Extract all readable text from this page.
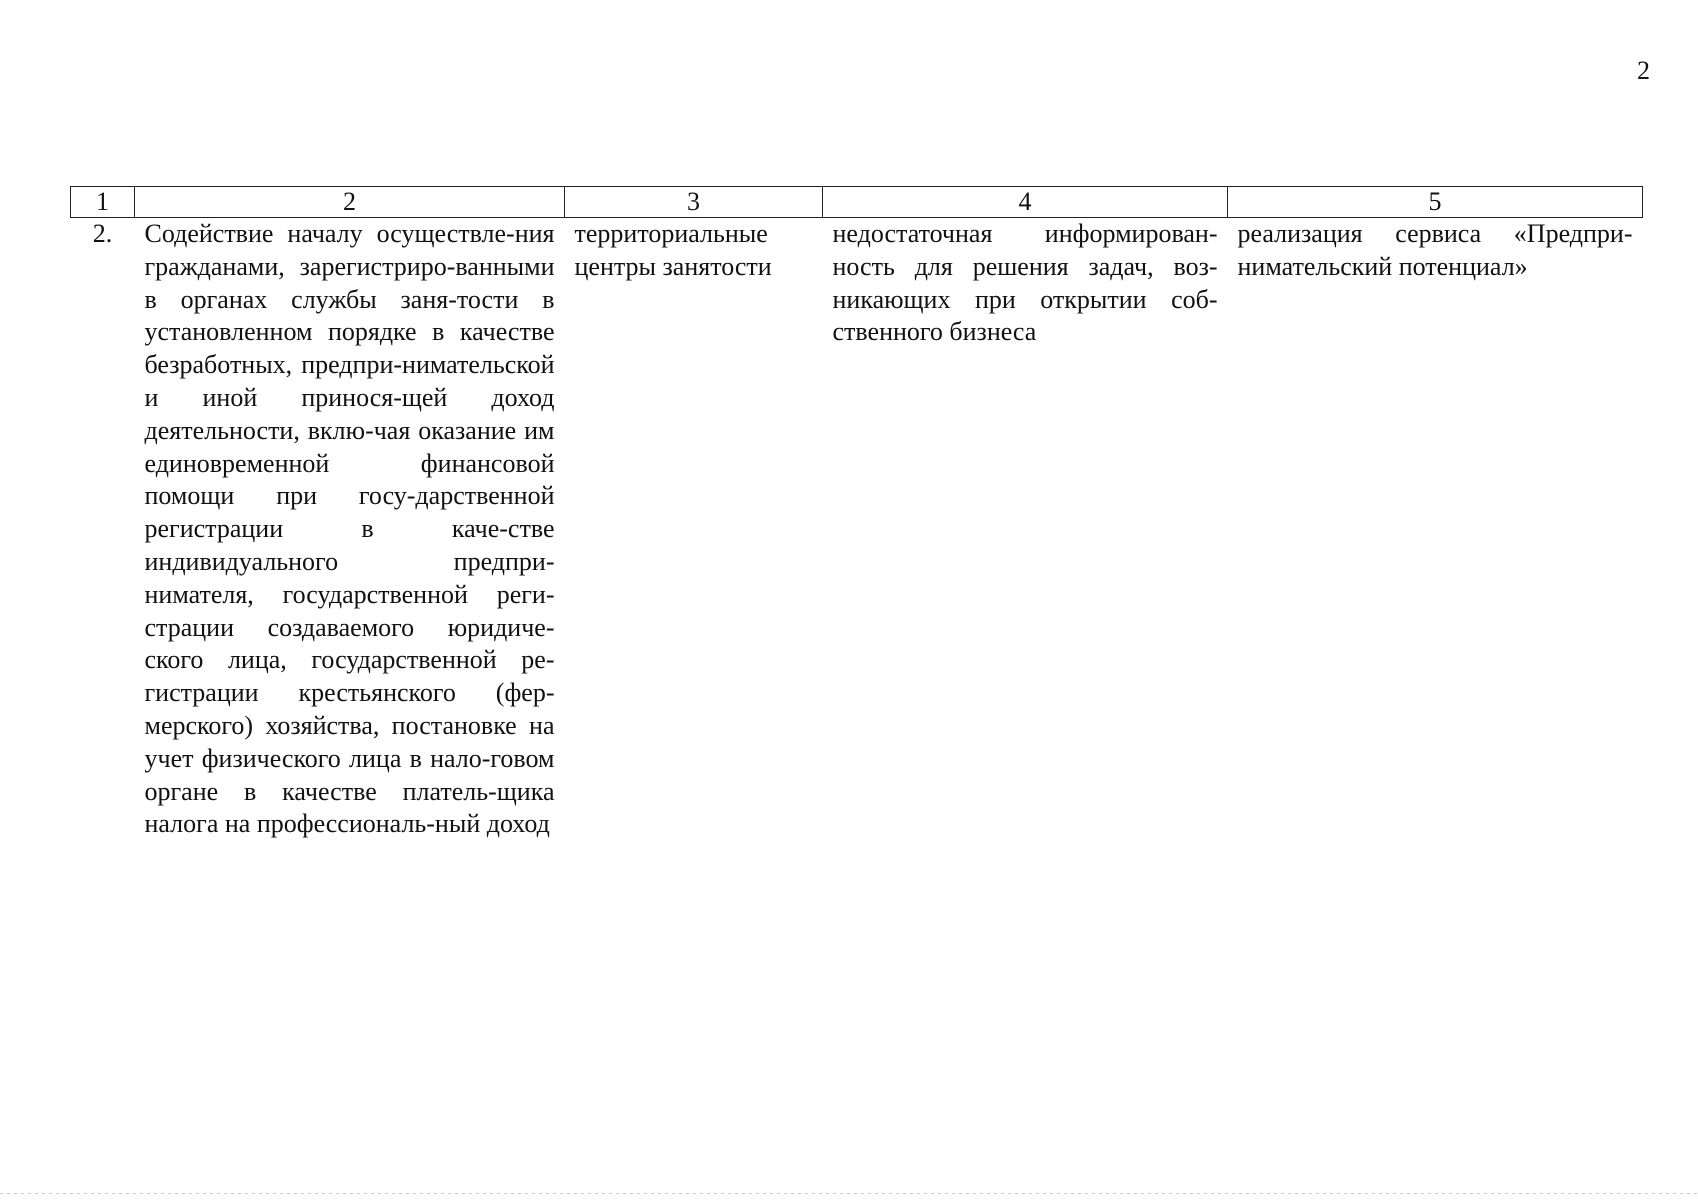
2
1	2	3	4	5
2.	Содействие началу осуществле-ния гражданами, зарегистриро-ванными в органах службы заня-тости в установленном порядке в качестве безработных, предпри-нимательской и иной принося-щей доход деятельности, вклю-чая оказание им единовременной финансовой помощи при госу-дарственной регистрации в каче-стве индивидуального предпри-нимателя, государственной реги-страции создаваемого юридиче-ского лица, государственной ре-гистрации крестьянского (фер-мерского) хозяйства, постановке на учет физического лица в нало-говом органе в качестве платель-щика налога на профессиональ-ный доход	территориальные центры занятости	недостаточная информирован-ность для решения задач, воз-никающих при открытии соб-ственного бизнеса	реализация сервиса «Предпри-нимательский потенциал»
